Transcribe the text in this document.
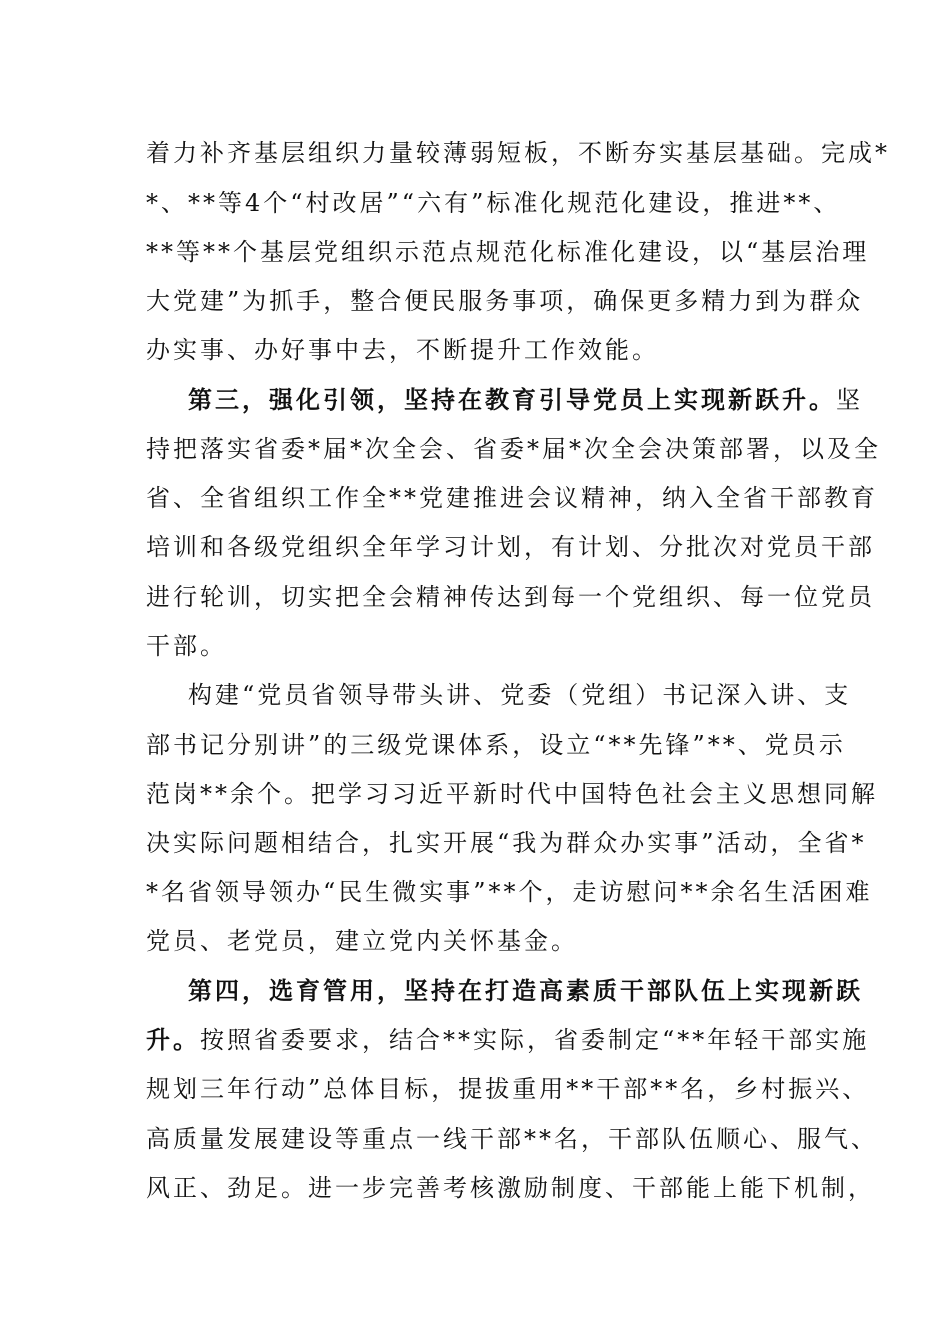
着力补齐基层组织力量较薄弱短板，不断夯实基层基础。完成*
*、**等4个“村改居”“六有”标准化规范化建设，推进**、
**等**个基层党组织示范点规范化标准化建设，以“基层治理
大党建”为抓手，整合便民服务事项，确保更多精力到为群众
办实事、办好事中去，不断提升工作效能。
第三，强化引领，坚持在教育引导党员上实现新跃升。坚
持把落实省委*届*次全会、省委*届*次全会决策部署，以及全
省、全省组织工作全**党建推进会议精神，纳入全省干部教育
培训和各级党组织全年学习计划，有计划、分批次对党员干部
进行轮训，切实把全会精神传达到每一个党组织、每一位党员
干部。
构建“党员省领导带头讲、党委（党组）书记深入讲、支
部书记分别讲”的三级党课体系，设立“**先锋”**、党员示
范岗**余个。把学习习近平新时代中国特色社会主义思想同解
决实际问题相结合，扎实开展“我为群众办实事”活动，全省*
*名省领导领办“民生微实事”**个，走访慰问**余名生活困难
党员、老党员，建立党内关怀基金。
第四，选育管用，坚持在打造高素质干部队伍上实现新跃
升。按照省委要求，结合**实际，省委制定“**年轻干部实施
规划三年行动”总体目标，提拔重用**干部**名，乡村振兴、
高质量发展建设等重点一线干部**名，干部队伍顺心、服气、
风正、劲足。进一步完善考核激励制度、干部能上能下机制，
